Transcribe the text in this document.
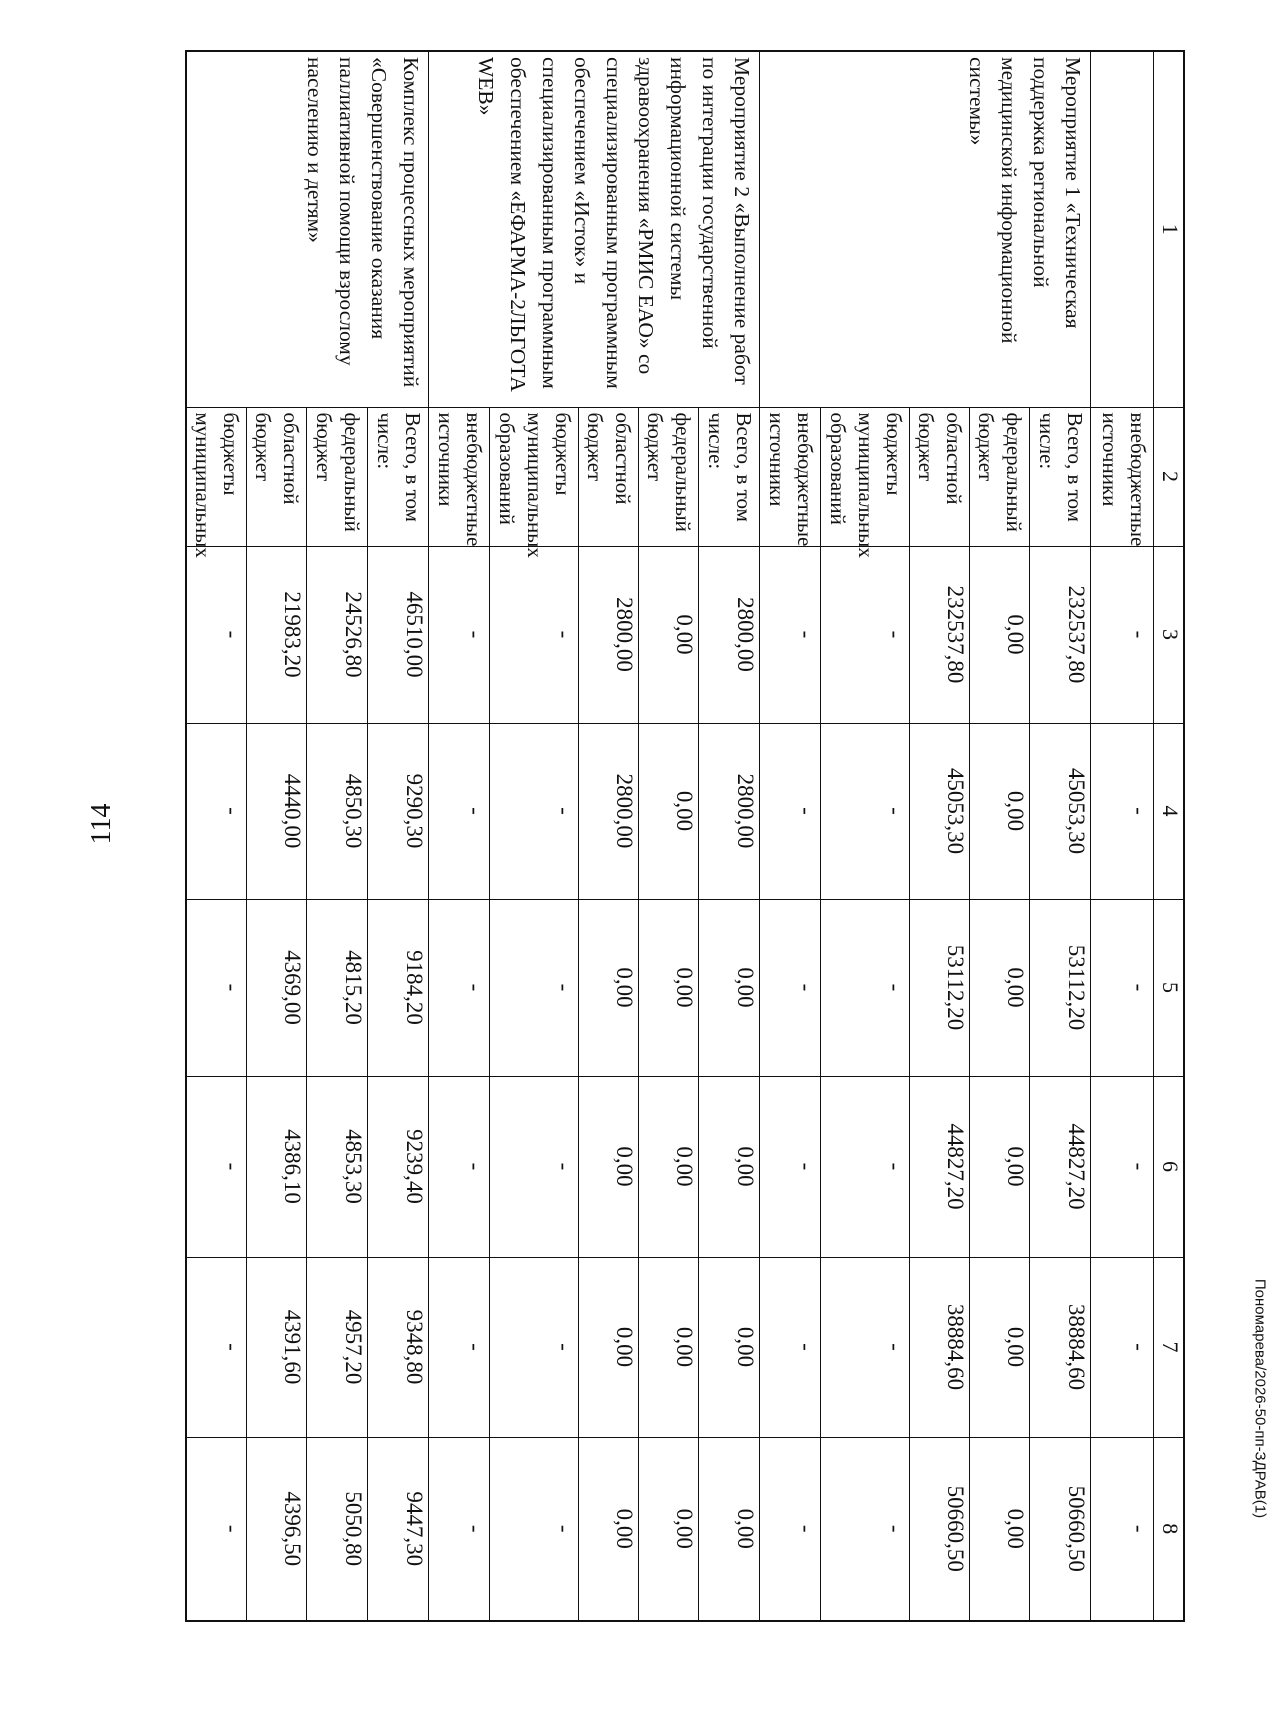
114
1	2	3	4	5	6	7	8
	внебюджетные источники	-	-	-	-	-	-
Мероприятие 1 «Техническая поддержка региональной медицинской информационной системы»	Всего, в том числе:	232537,80	45053,30	53112,20	44827,20	38884,60	50660,50
	федеральный бюджет	0,00	0,00	0,00	0,00	0,00	0,00
	областной бюджет	232537,80	45053,30	53112,20	44827,20	38884,60	50660,50
	бюджеты муниципальных образований	-	-	-	-	-	-
	внебюджетные источники	-	-	-	-	-	-
Мероприятие 2 «Выполнение работ по интеграции государственной информационной системы здравоохранения «РМИС ЕАО» со специализированным программным обеспечением «Исток» и специализированным программным обеспечением «ЕФАРМА-2ЛЬГОТА WEB»	Всего, в том числе:	2800,00	2800,00	0,00	0,00	0,00	0,00
	федеральный бюджет	0,00	0,00	0,00	0,00	0,00	0,00
	областной бюджет	2800,00	2800,00	0,00	0,00	0,00	0,00
	бюджеты муниципальных образований	-	-	-	-	-	-
	внебюджетные источники	-	-	-	-	-	-
Комплекс процессных мероприятий «Совершенствование оказания паллиативной помощи взрослому населению и детям»	Всего, в том числе:	46510,00	9290,30	9184,20	9239,40	9348,80	9447,30
	федеральный бюджет	24526,80	4850,30	4815,20	4853,30	4957,20	5050,80
	областной бюджет	21983,20	4440,00	4369,00	4386,10	4391,60	4396,50
	бюджеты муниципальных	-	-	-	-	-	-
Пономарева/2026-50-пп-ЗДРАВ(1)
